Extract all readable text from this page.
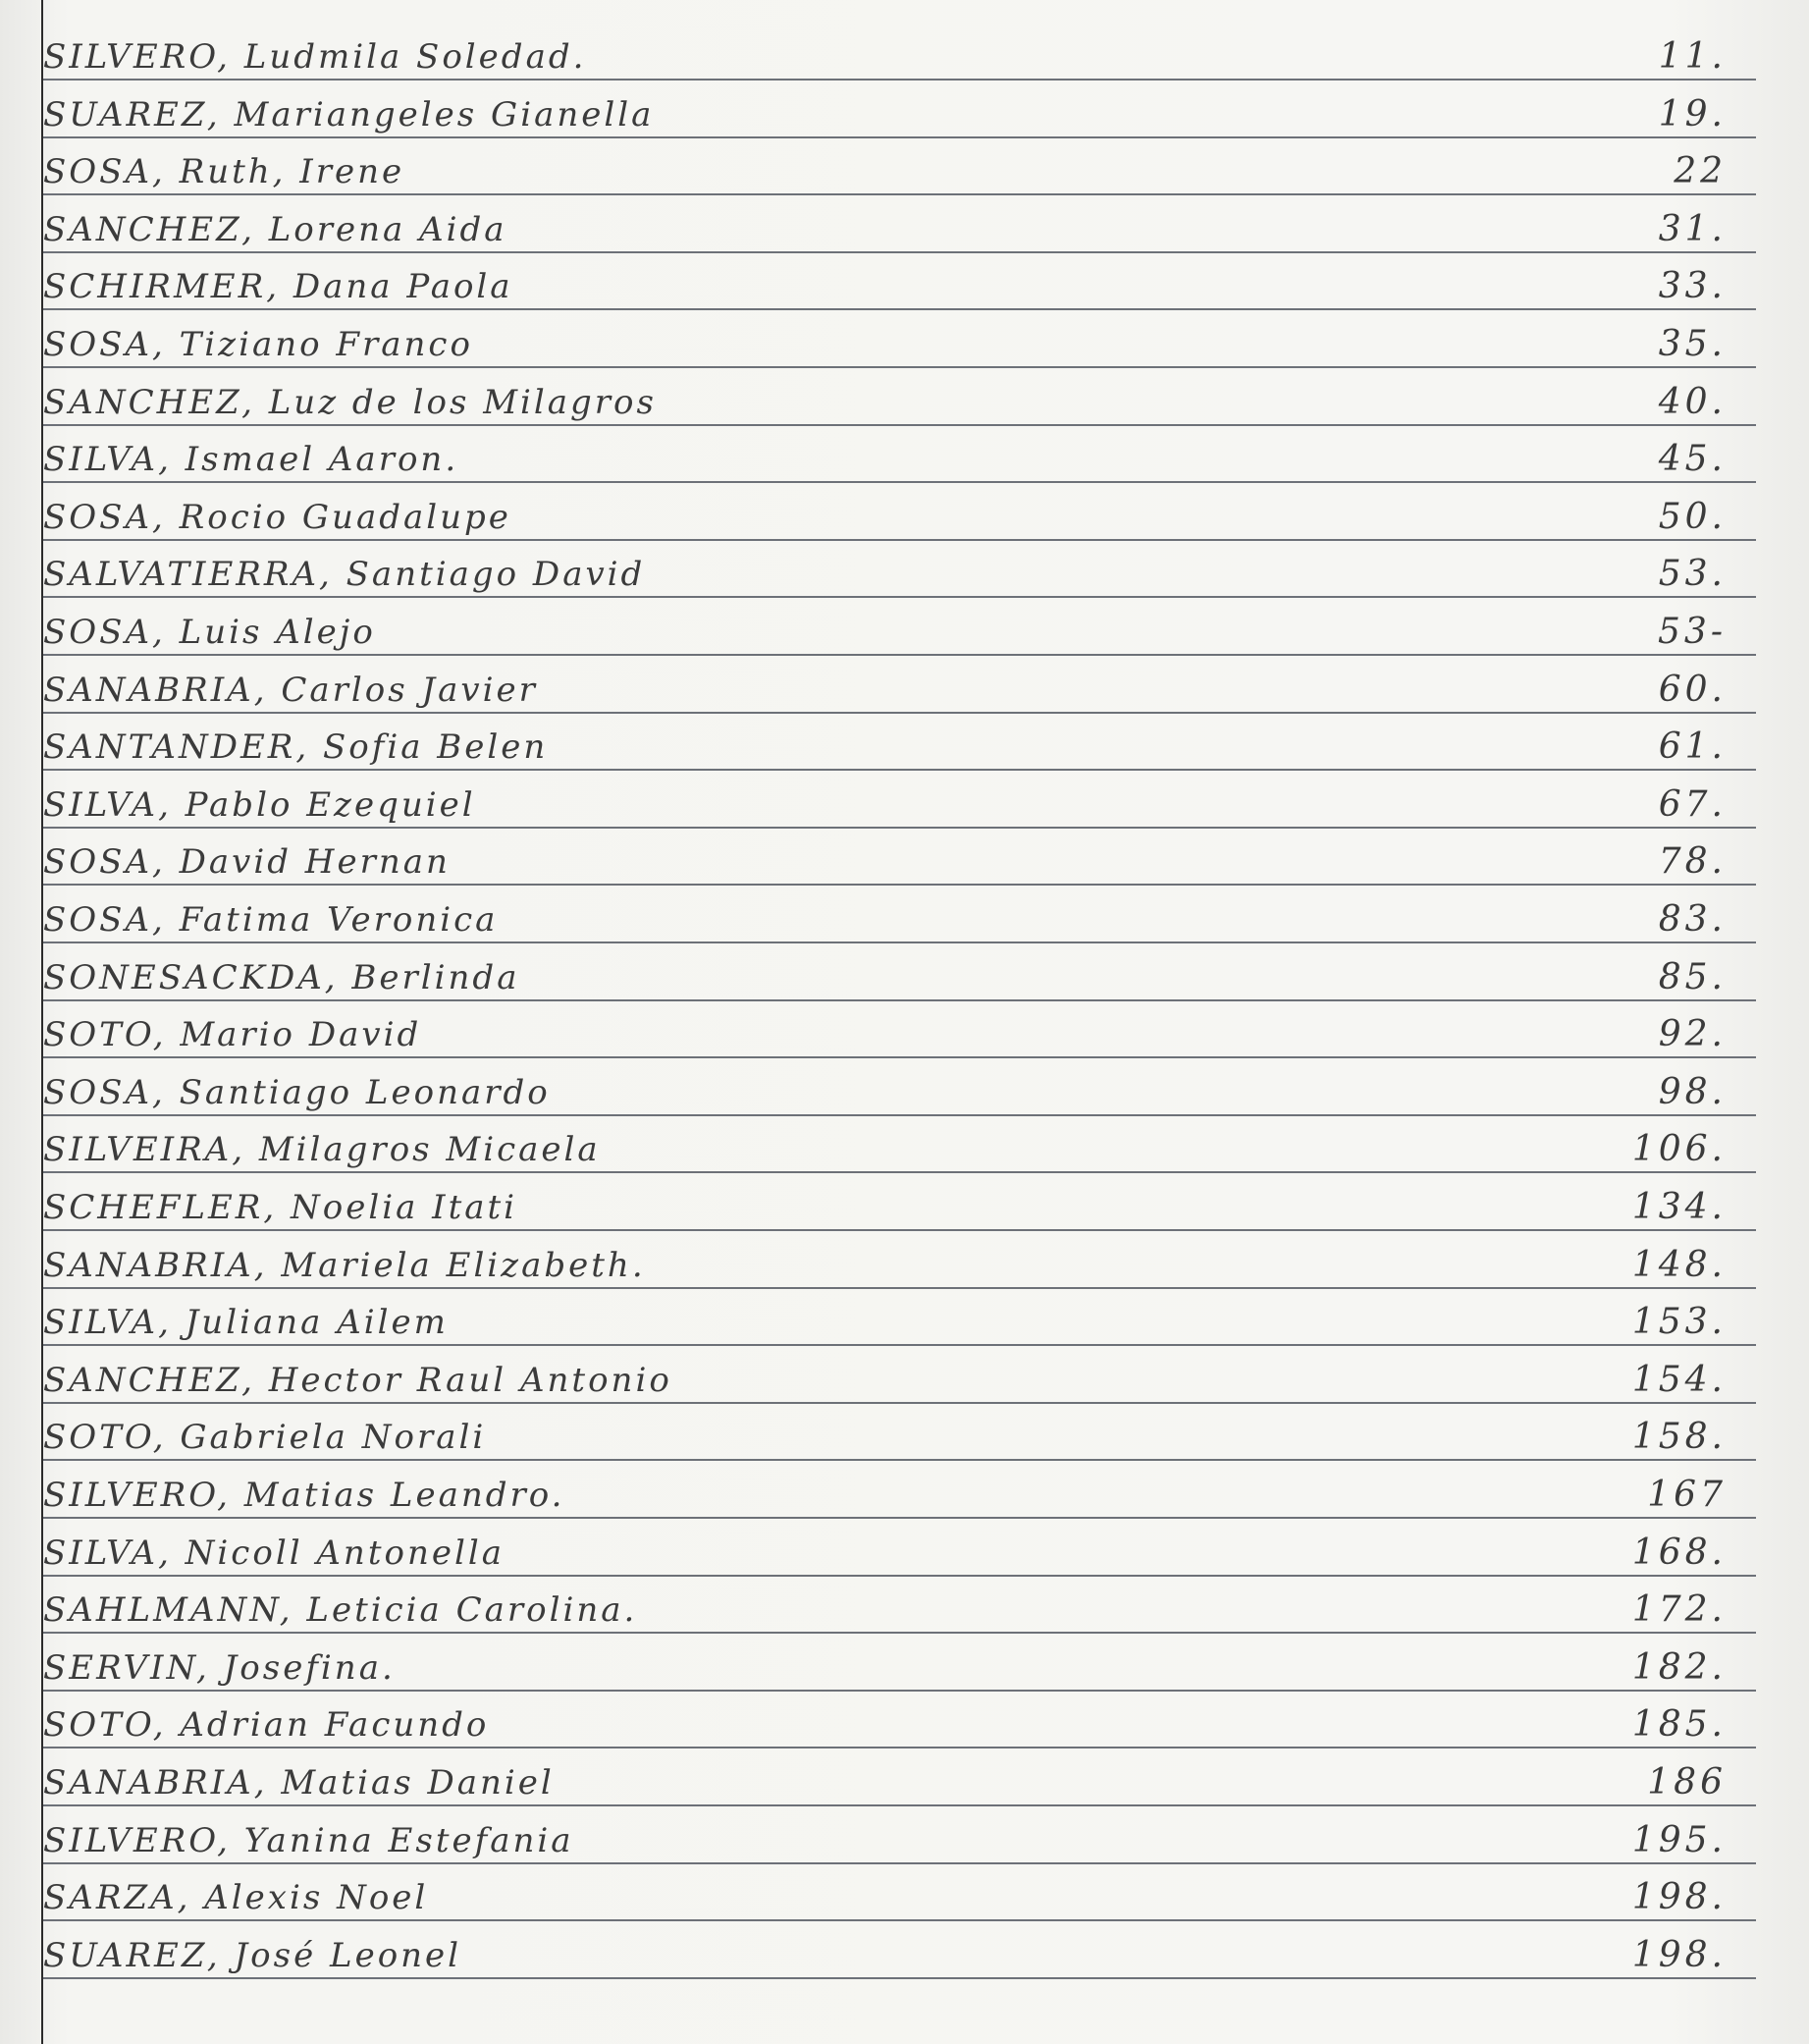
SILVERO, Ludmila Soledad.	11.
SUAREZ, Mariangeles Gianella	19.
SOSA, Ruth, Irene	22
SANCHEZ, Lorena Aida	31.
SCHIRMER, Dana Paola	33.
SOSA, Tiziano Franco	35.
SANCHEZ, Luz de los Milagros	40.
SILVA, Ismael Aaron.	45.
SOSA, Rocio Guadalupe	50.
SALVATIERRA, Santiago David	53.
SOSA, Luis Alejo	53-
SANABRIA, Carlos Javier	60.
SANTANDER, Sofia Belen	61.
SILVA, Pablo Ezequiel	67.
SOSA, David Hernan	78.
SOSA, Fatima Veronica	83.
SONESACKDA, Berlinda	85.
SOTO, Mario David	92.
SOSA, Santiago Leonardo	98.
SILVEIRA, Milagros Micaela	106.
SCHEFLER, Noelia Itati	134.
SANABRIA, Mariela Elizabeth.	148.
SILVA, Juliana Ailem	153.
SANCHEZ, Hector Raul Antonio	154.
SOTO, Gabriela Norali	158.
SILVERO, Matias Leandro.	167
SILVA, Nicoll Antonella	168.
SAHLMANN, Leticia Carolina.	172.
SERVIN, Josefina.	182.
SOTO, Adrian Facundo	185.
SANABRIA, Matias Daniel	186
SILVERO, Yanina Estefania	195.
SARZA, Alexis Noel	198.
SUAREZ, José Leonel	198.
